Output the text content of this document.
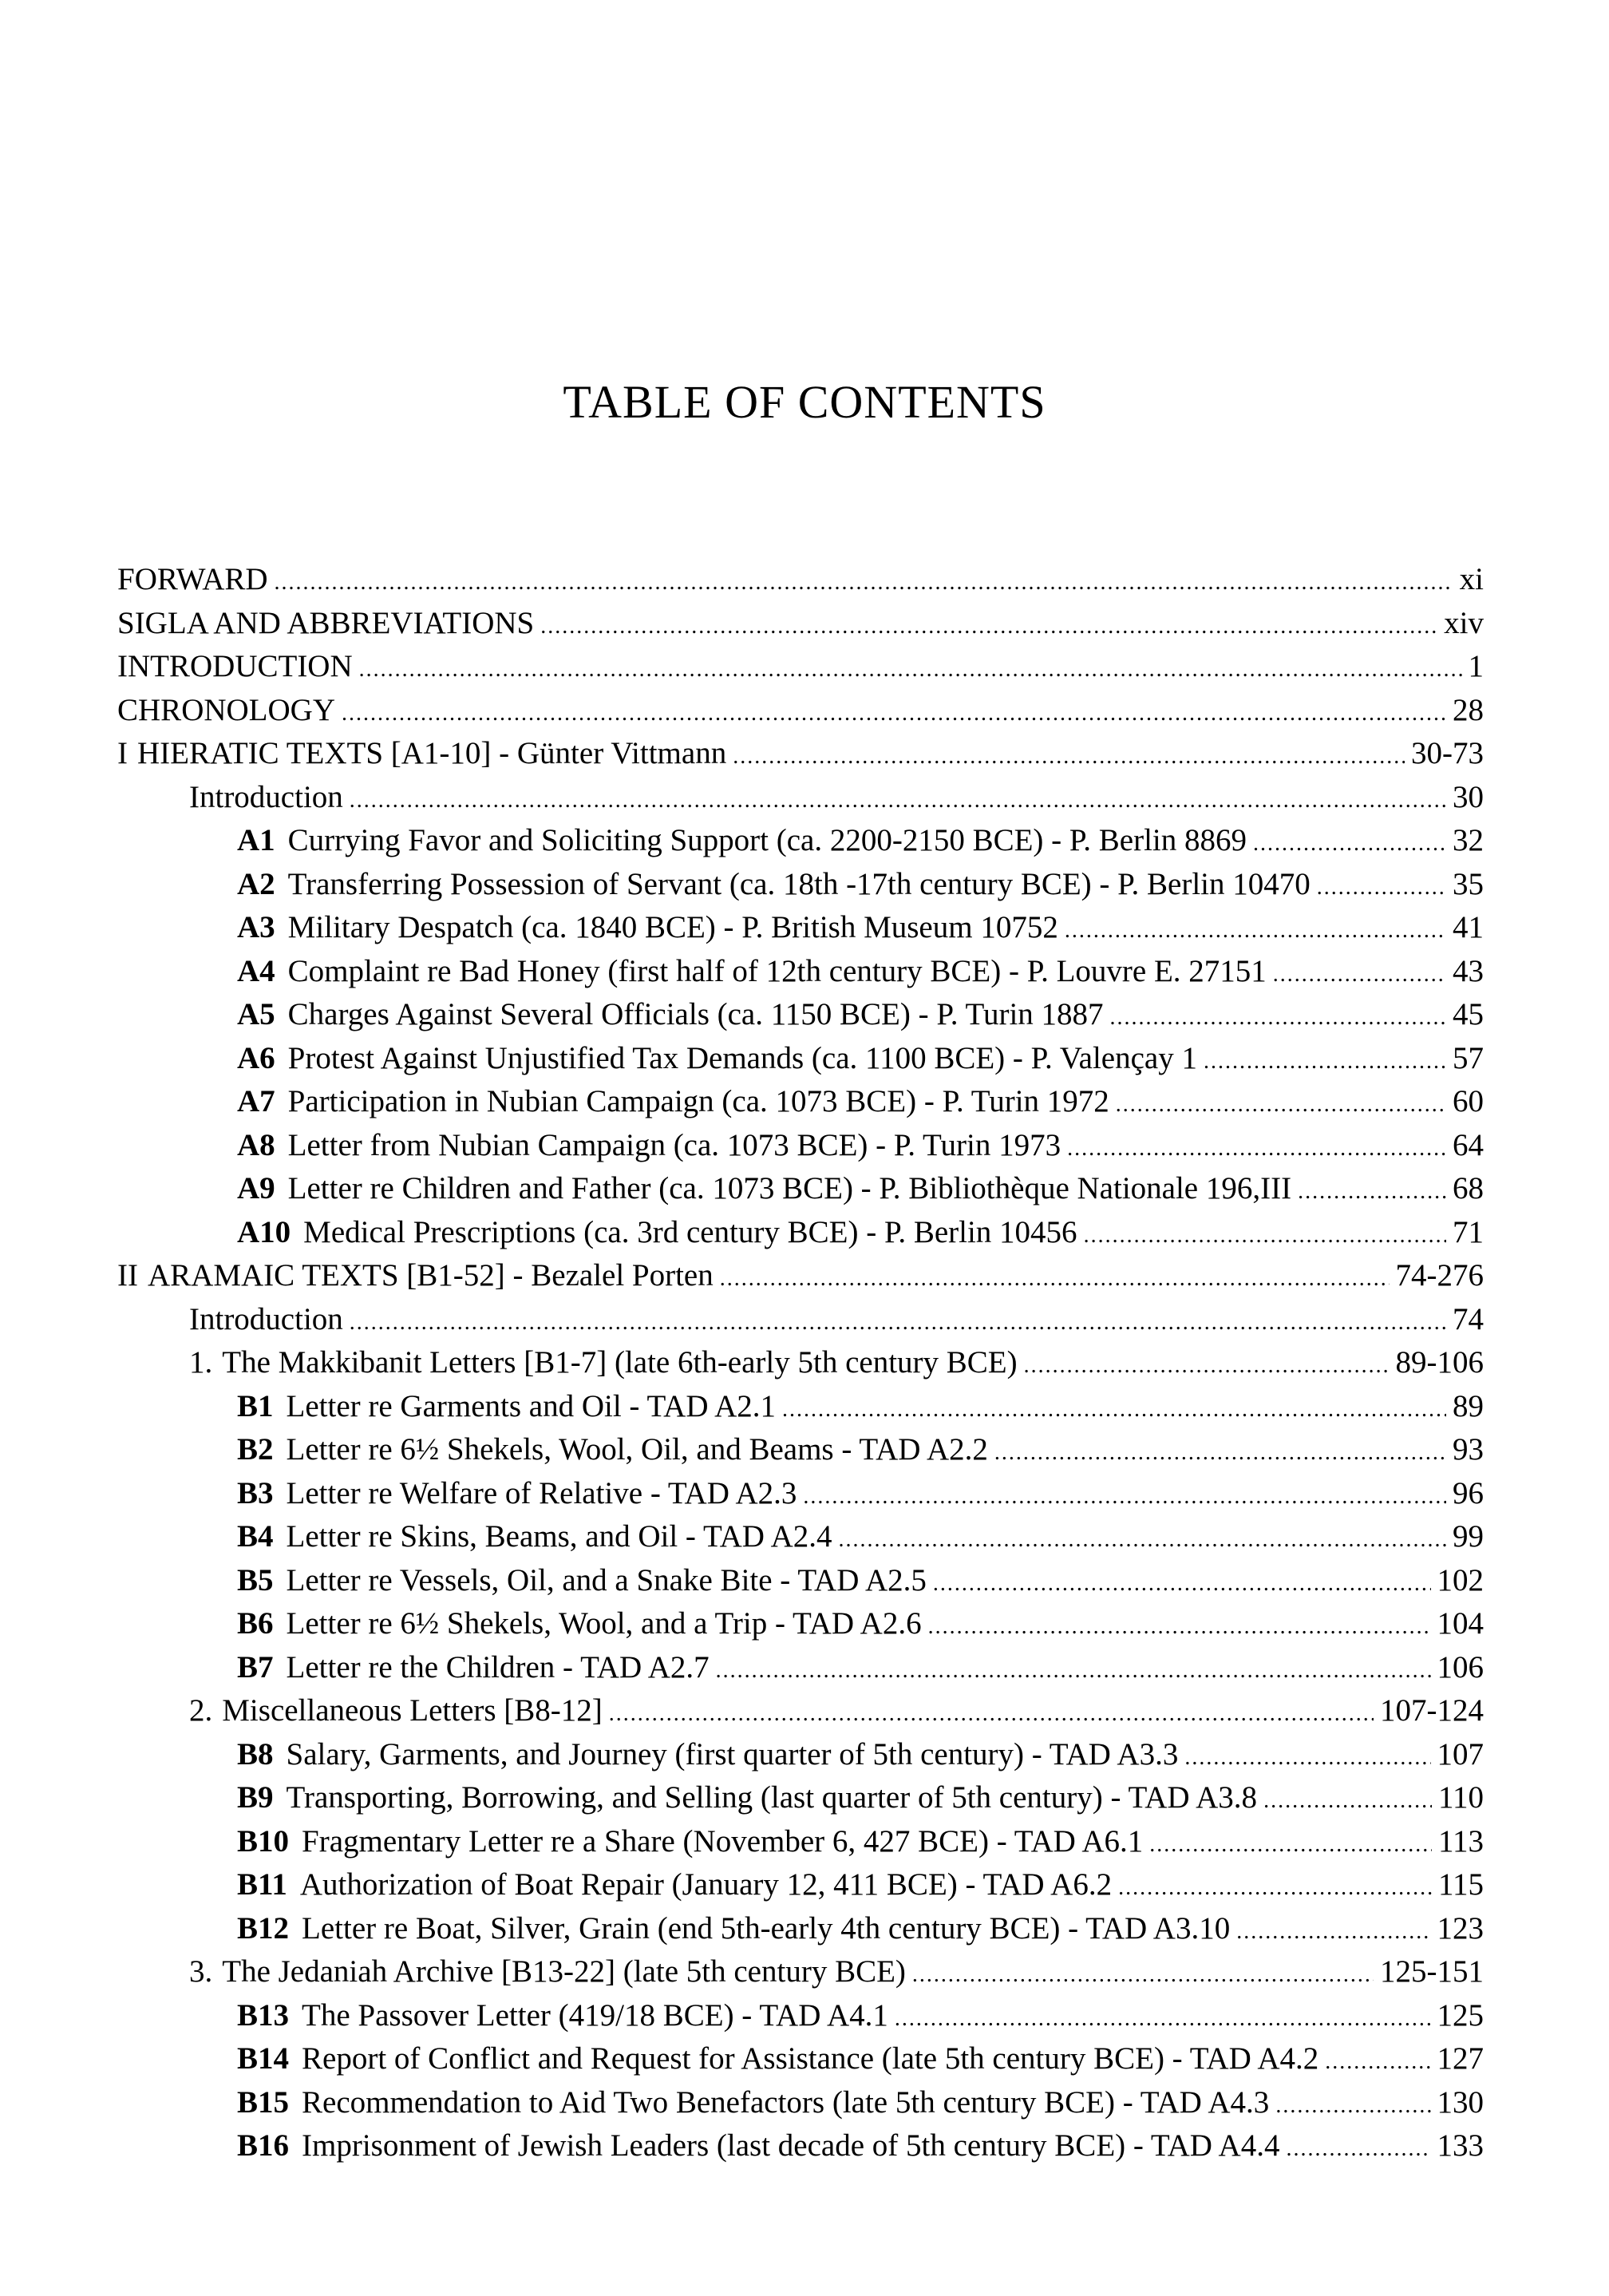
TABLE OF CONTENTS
FORWARD .....	xi
SIGLA AND ABBREVIATIONS .....	xiv
INTRODUCTION .....	1
CHRONOLOGY .....	28
I HIERATIC TEXTS [A1-10] - Günter Vittmann .....	30-73
Introduction .....	30
A1 Currying Favor and Soliciting Support (ca. 2200-2150 BCE) - P. Berlin 8869 .....	32
A2 Transferring Possession of Servant (ca. 18th -17th century BCE) - P. Berlin 10470 .....	35
A3 Military Despatch (ca. 1840 BCE) - P. British Museum 10752 .....	41
A4 Complaint re Bad Honey (first half of 12th century BCE) - P. Louvre E. 27151 .....	43
A5 Charges Against Several Officials (ca. 1150 BCE) - P. Turin 1887 .....	45
A6 Protest Against Unjustified Tax Demands (ca. 1100 BCE) - P. Valençay 1 .....	57
A7 Participation in Nubian Campaign (ca. 1073 BCE) - P. Turin 1972 .....	60
A8 Letter from Nubian Campaign (ca. 1073 BCE) - P. Turin 1973 .....	64
A9 Letter re Children and Father (ca. 1073 BCE) - P. Bibliothèque Nationale 196,III .....	68
A10 Medical Prescriptions (ca. 3rd century BCE) - P. Berlin 10456 .....	71
II ARAMAIC TEXTS [B1-52] - Bezalel Porten .....	74-276
Introduction .....	74
1. The Makkibanit Letters [B1-7] (late 6th-early 5th century BCE) .....	89-106
B1 Letter re Garments and Oil - TAD A2.1 .....	89
B2 Letter re 6½ Shekels, Wool, Oil, and Beams - TAD A2.2 .....	93
B3 Letter re Welfare of Relative - TAD A2.3 .....	96
B4 Letter re Skins, Beams, and Oil - TAD A2.4 .....	99
B5 Letter re Vessels, Oil, and a Snake Bite - TAD A2.5 .....	102
B6 Letter re 6½ Shekels, Wool, and a Trip - TAD A2.6 .....	104
B7 Letter re the Children - TAD A2.7 .....	106
2. Miscellaneous Letters [B8-12] .....	107-124
B8 Salary, Garments, and Journey (first quarter of 5th century) - TAD A3.3 .....	107
B9 Transporting, Borrowing, and Selling (last quarter of 5th century) - TAD A3.8 .....	110
B10 Fragmentary Letter re a Share (November 6, 427 BCE) - TAD A6.1 .....	113
B11 Authorization of Boat Repair (January 12, 411 BCE) - TAD A6.2 .....	115
B12 Letter re Boat, Silver, Grain (end 5th-early 4th century BCE) - TAD A3.10 .....	123
3. The Jedaniah Archive [B13-22] (late 5th century BCE) .....	125-151
B13 The Passover Letter (419/18 BCE) - TAD A4.1 .....	125
B14 Report of Conflict and Request for Assistance (late 5th century BCE) - TAD A4.2 .....	127
B15 Recommendation to Aid Two Benefactors (late 5th century BCE) - TAD A4.3 .....	130
B16 Imprisonment of Jewish Leaders (last decade of 5th century BCE) - TAD A4.4 .....	133
